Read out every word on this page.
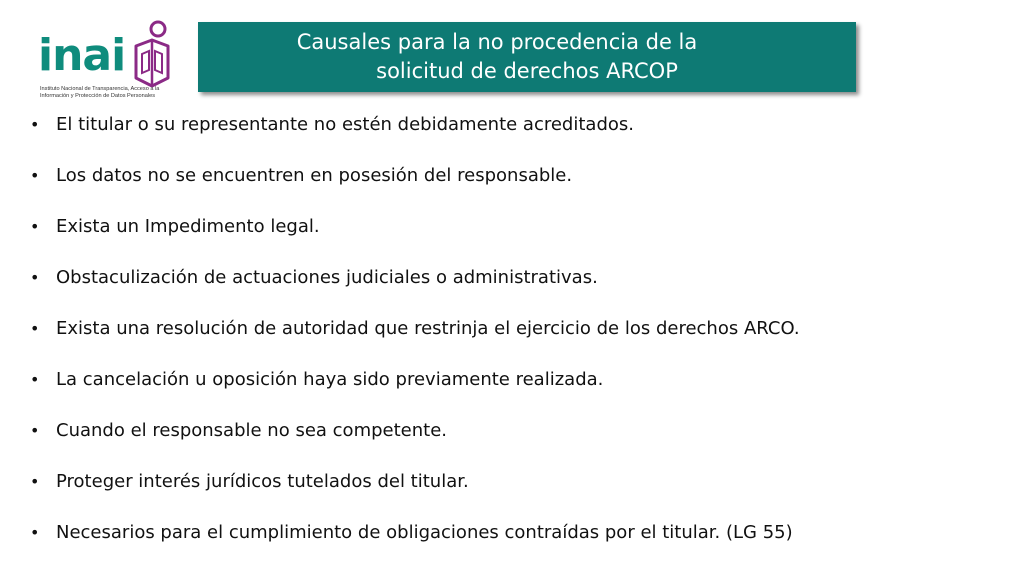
inai
Instituto Nacional de Transparencia, Acceso a la Información y Protección de Datos Personales
Causales para la no procedencia de la
solicitud de derechos ARCOP
• El titular o su representante no estén debidamente acreditados.
• Los datos no se encuentren en posesión del responsable.
• Exista un Impedimento legal.
• Obstaculización de actuaciones judiciales o administrativas.
• Exista una resolución de autoridad que restrinja el ejercicio de los derechos ARCO.
• La cancelación u oposición haya sido previamente realizada.
• Cuando el responsable no sea competente.
• Proteger interés jurídicos tutelados del titular.
• Necesarios para el cumplimiento de obligaciones contraídas por el titular. (LG 55)
